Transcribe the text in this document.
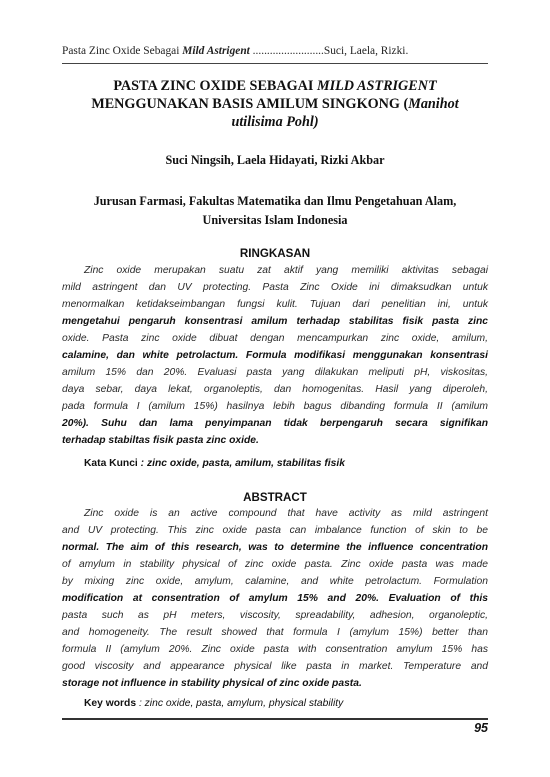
Pasta Zinc Oxide Sebagai Mild Astrigent .........................Suci, Laela, Rizki.
PASTA ZINC OXIDE SEBAGAI MILD ASTRIGENT
MENGGUNAKAN BASIS AMILUM SINGKONG (Manihot
utilisima Pohl)
Suci Ningsih, Laela Hidayati, Rizki Akbar
Jurusan Farmasi, Fakultas Matematika dan Ilmu Pengetahuan Alam,
Universitas Islam Indonesia
RINGKASAN
Zinc oxide merupakan suatu zat aktif yang memiliki aktivitas sebagai
mild astringent dan UV protecting. Pasta Zinc Oxide ini dimaksudkan untuk
menormalkan ketidakseimbangan fungsi kulit. Tujuan dari penelitian ini, untuk
mengetahui pengaruh konsentrasi amilum terhadap stabilitas fisik pasta zinc
oxide. Pasta zinc oxide dibuat dengan mencampurkan zinc oxide, amilum,
calamine, dan white petrolactum. Formula modifikasi menggunakan konsentrasi
amilum 15% dan 20%. Evaluasi pasta yang dilakukan meliputi pH, viskositas,
daya sebar, daya lekat, organoleptis, dan homogenitas. Hasil yang diperoleh,
pada formula I (amilum 15%) hasilnya lebih bagus dibanding formula II (amilum
20%). Suhu dan lama penyimpanan tidak berpengaruh secara signifikan
terhadap stabiltas fisik pasta zinc oxide.
Kata Kunci : zinc oxide, pasta, amilum, stabilitas fisik
ABSTRACT
Zinc oxide is an active compound that have activity as mild astringent
and UV protecting. This zinc oxide pasta can imbalance function of skin to be
normal. The aim of this research, was to determine the influence concentration
of amylum in stability physical of zinc oxide pasta. Zinc oxide pasta was made
by mixing zinc oxide, amylum, calamine, and white petrolactum. Formulation
modification at consentration of amylum 15% and 20%. Evaluation of this
pasta such as pH meters, viscosity, spreadability, adhesion, organoleptic,
and homogeneity. The result showed that formula I (amylum 15%) better than
formula II (amylum 20%. Zinc oxide pasta with consentration amylum 15% has
good viscosity and appearance physical like pasta in market. Temperature and
storage not influence in stability physical of zinc oxide pasta.
Key words : zinc oxide, pasta, amylum, physical stability
95
